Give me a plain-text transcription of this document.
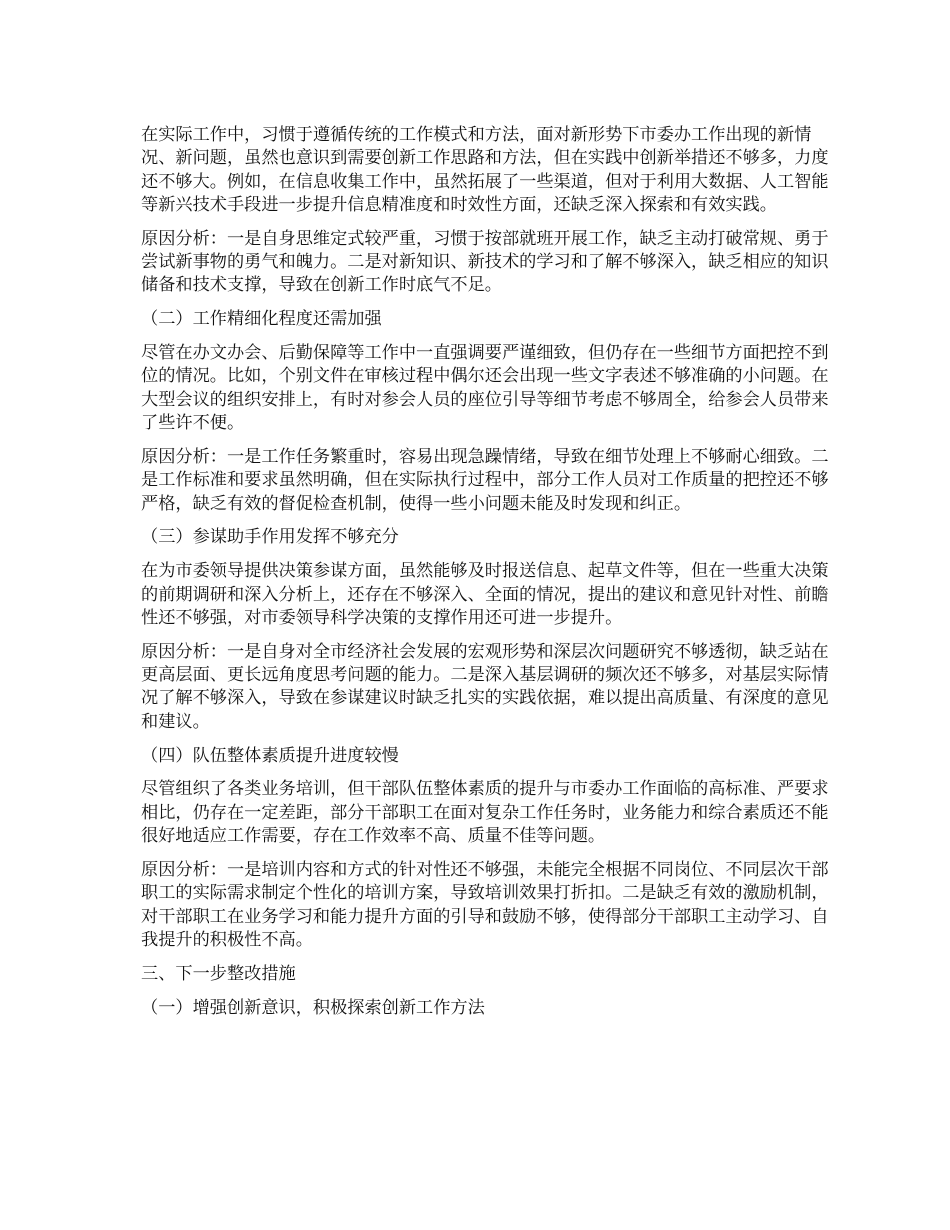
在实际工作中，习惯于遵循传统的工作模式和方法，面对新形势下市委办工作出现的新情况、新问题，虽然也意识到需要创新工作思路和方法，但在实践中创新举措还不够多，力度还不够大。例如，在信息收集工作中，虽然拓展了一些渠道，但对于利用大数据、人工智能等新兴技术手段进一步提升信息精准度和时效性方面，还缺乏深入探索和有效实践。

原因分析：一是自身思维定式较严重，习惯于按部就班开展工作，缺乏主动打破常规、勇于尝试新事物的勇气和魄力。二是对新知识、新技术的学习和了解不够深入，缺乏相应的知识储备和技术支撑，导致在创新工作时底气不足。

（二）工作精细化程度还需加强

尽管在办文办会、后勤保障等工作中一直强调要严谨细致，但仍存在一些细节方面把控不到位的情况。比如，个别文件在审核过程中偶尔还会出现一些文字表述不够准确的小问题。在大型会议的组织安排上，有时对参会人员的座位引导等细节考虑不够周全，给参会人员带来了些许不便。

原因分析：一是工作任务繁重时，容易出现急躁情绪，导致在细节处理上不够耐心细致。二是工作标准和要求虽然明确，但在实际执行过程中，部分工作人员对工作质量的把控还不够严格，缺乏有效的督促检查机制，使得一些小问题未能及时发现和纠正。

（三）参谋助手作用发挥不够充分

在为市委领导提供决策参谋方面，虽然能够及时报送信息、起草文件等，但在一些重大决策的前期调研和深入分析上，还存在不够深入、全面的情况，提出的建议和意见针对性、前瞻性还不够强，对市委领导科学决策的支撑作用还可进一步提升。

原因分析：一是自身对全市经济社会发展的宏观形势和深层次问题研究不够透彻，缺乏站在更高层面、更长远角度思考问题的能力。二是深入基层调研的频次还不够多，对基层实际情况了解不够深入，导致在参谋建议时缺乏扎实的实践依据，难以提出高质量、有深度的意见和建议。

（四）队伍整体素质提升进度较慢

尽管组织了各类业务培训，但干部队伍整体素质的提升与市委办工作面临的高标准、严要求相比，仍存在一定差距，部分干部职工在面对复杂工作任务时，业务能力和综合素质还不能很好地适应工作需要，存在工作效率不高、质量不佳等问题。

原因分析：一是培训内容和方式的针对性还不够强，未能完全根据不同岗位、不同层次干部职工的实际需求制定个性化的培训方案，导致培训效果打折扣。二是缺乏有效的激励机制，对干部职工在业务学习和能力提升方面的引导和鼓励不够，使得部分干部职工主动学习、自我提升的积极性不高。

三、下一步整改措施

（一）增强创新意识，积极探索创新工作方法
